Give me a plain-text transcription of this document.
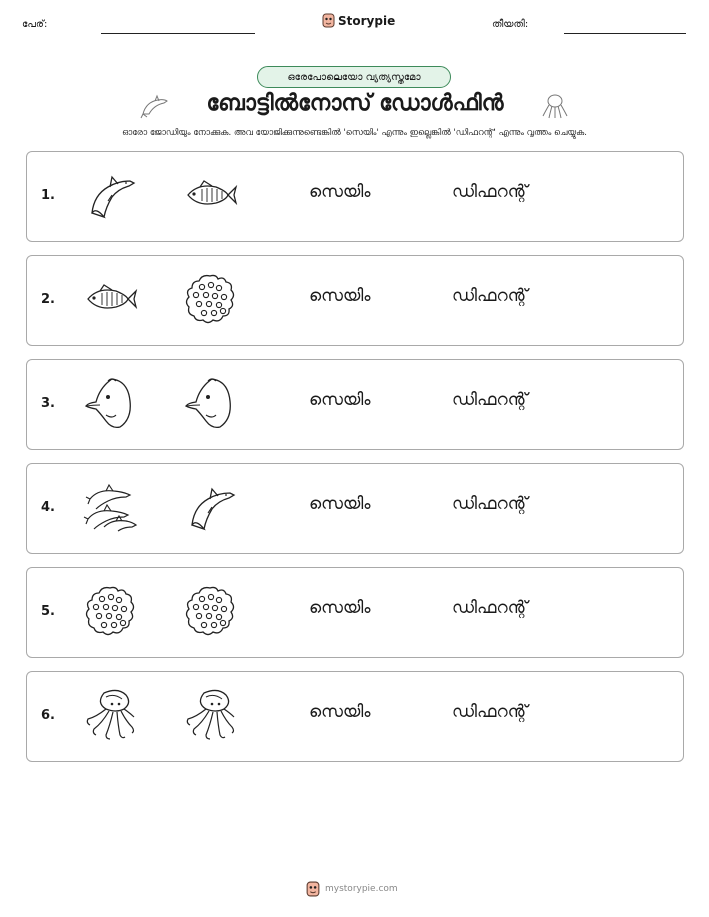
പേര്:	Storypie	തീയതി:
ഒരേപോലെയോ വ്യത്യസ്തമോ
ബോട്ടിൽനോസ് ഡോൾഫിൻ
ഓരോ ജോഡിയും നോക്കുക. അവ യോജിക്കുന്നുണ്ടെങ്കിൽ 'സെയിം' എന്നും ഇല്ലെങ്കിൽ 'ഡിഫറന്റ്' എന്നും വൃത്തം ചെയ്യുക.
1.	സെയിം	ഡിഫറന്റ്
2.	സെയിം	ഡിഫറന്റ്
3.	സെയിം	ഡിഫറന്റ്
4.	സെയിം	ഡിഫറന്റ്
5.	സെയിം	ഡിഫറന്റ്
6.	സെയിം	ഡിഫറന്റ്
mystorypie.com
